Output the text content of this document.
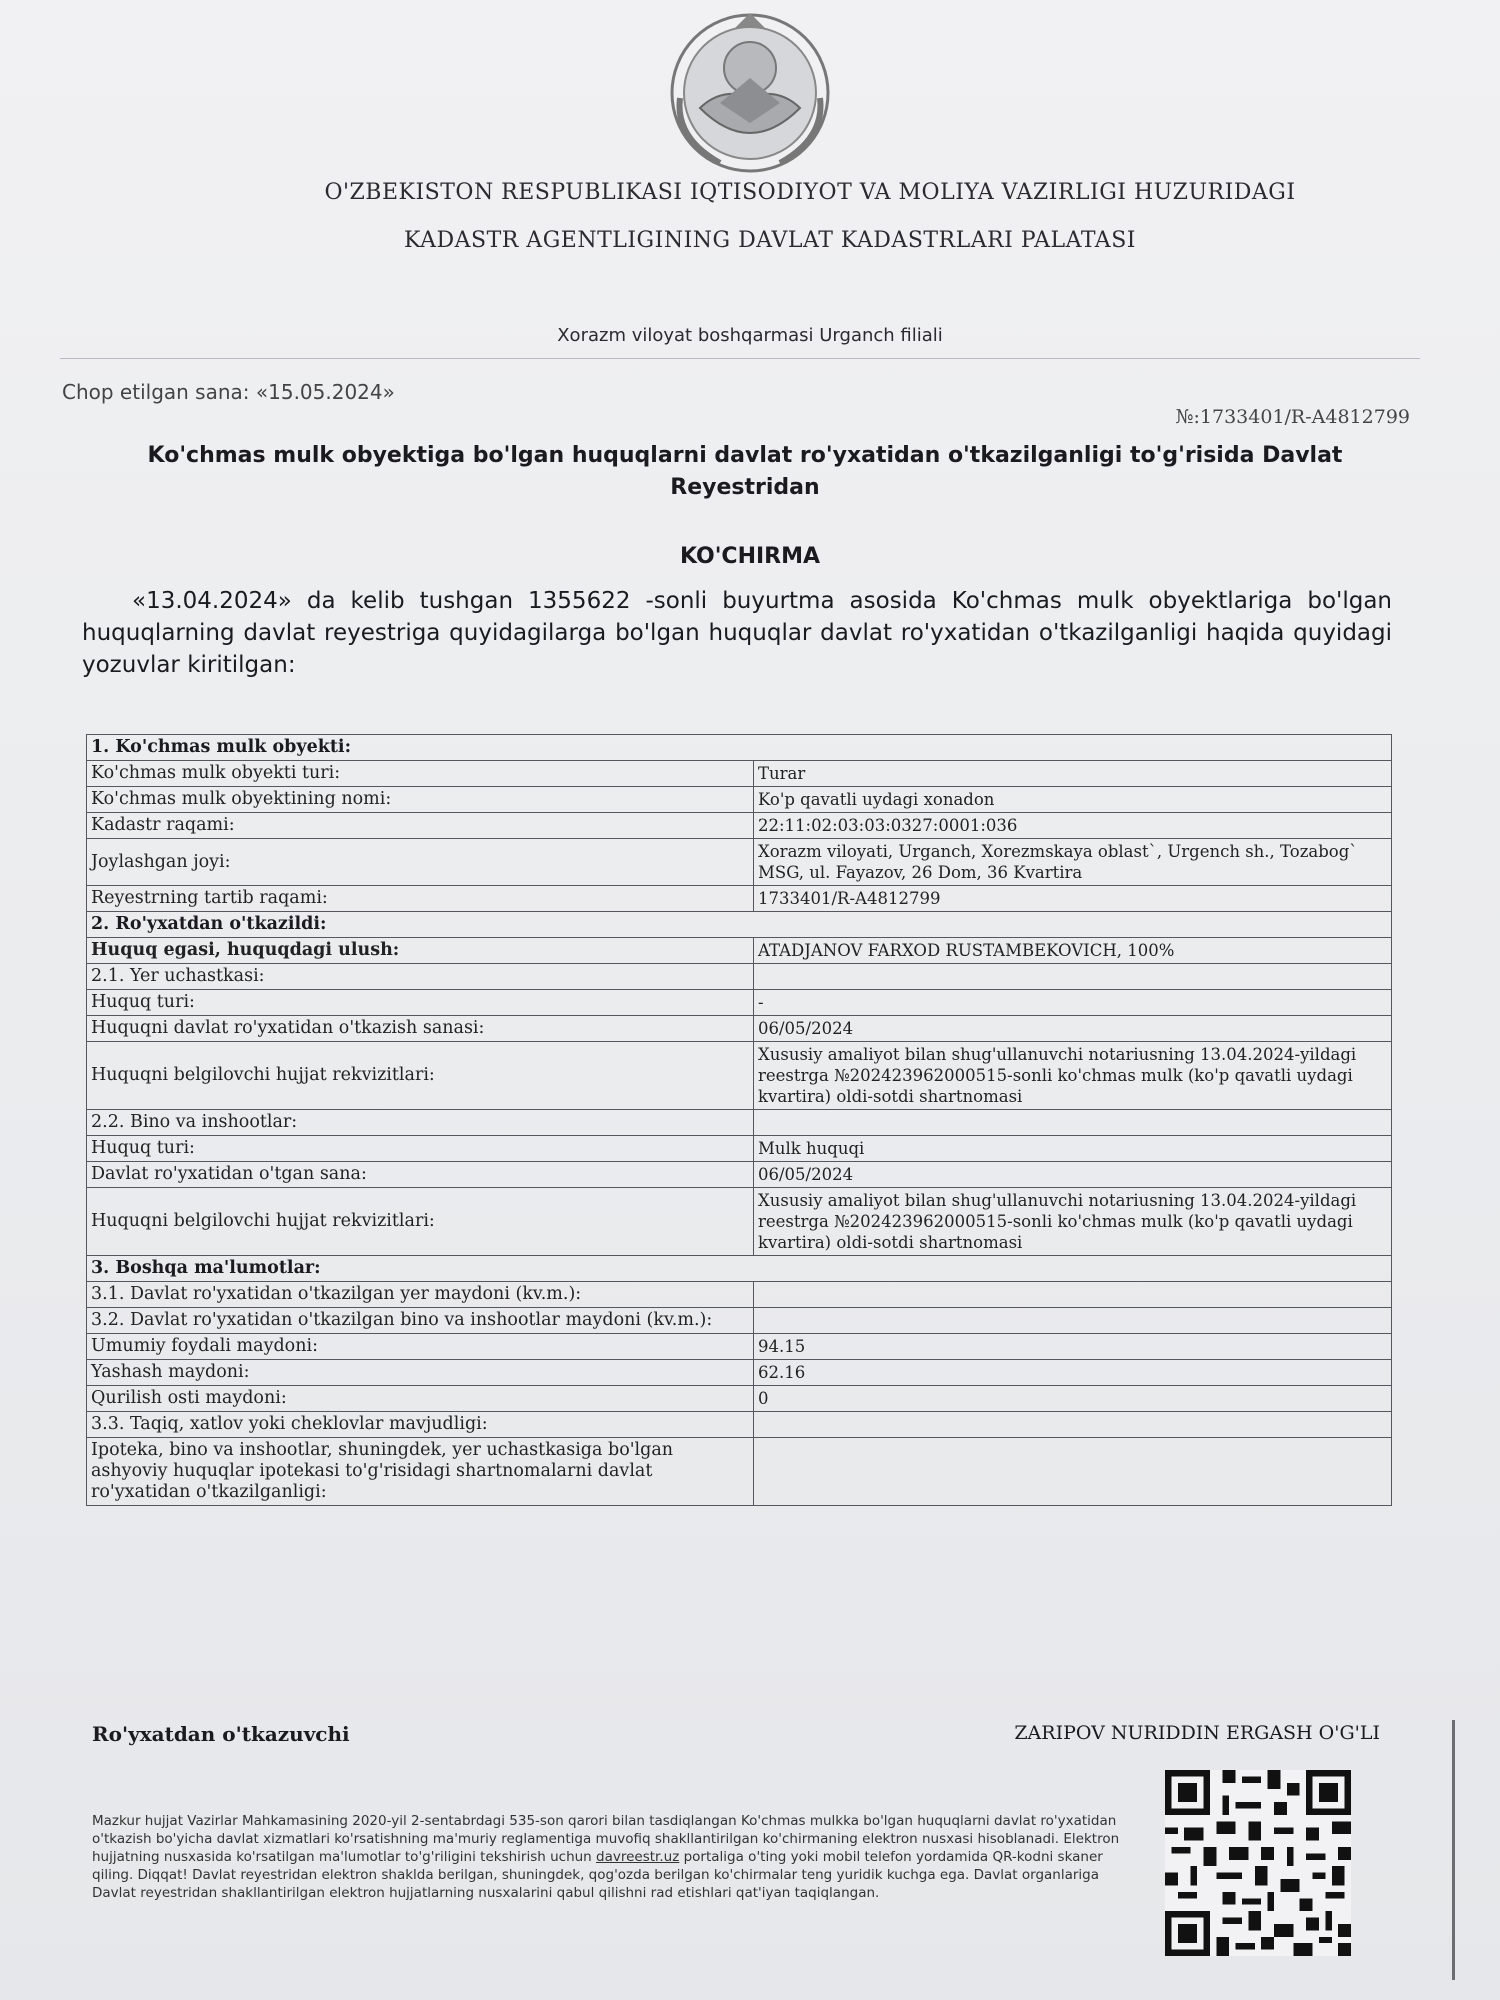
O'ZBEKISTON RESPUBLIKASI IQTISODIYOT VA MOLIYA VAZIRLIGI HUZURIDAGI
KADASTR AGENTLIGINING DAVLAT KADASTRLARI PALATASI
Xorazm viloyat boshqarmasi Urganch filiali
Chop etilgan sana: «15.05.2024»
№:1733401/R-A4812799
Ko'chmas mulk obyektiga bo'lgan huquqlarni davlat ro'yxatidan o'tkazilganligi to'g'risida Davlat
Reyestridan
KO'CHIRMA
«13.04.2024» da kelib tushgan 1355622 -sonli buyurtma asosida Ko'chmas mulk obyektlariga bo'lgan huquqlarning davlat reyestriga quyidagilarga bo'lgan huquqlar davlat ro'yxatidan o'tkazilganligi haqida quyidagi yozuvlar kiritilgan:
1. Ko'chmas mulk obyekti:	
Ko'chmas mulk obyekti turi:	Turar
Ko'chmas mulk obyektining nomi:	Ko'p qavatli uydagi xonadon
Kadastr raqami:	22:11:02:03:03:0327:0001:036
Joylashgan joyi:	Xorazm viloyati, Urganch, Xorezmskaya oblast`, Urgench sh., Tozabog` MSG, ul. Fayazov, 26 Dom, 36 Kvartira
Reyestrning tartib raqami:	1733401/R-A4812799
2. Ro'yxatdan o'tkazildi:	
Huquq egasi, huquqdagi ulush:	ATADJANOV FARXOD RUSTAMBEKOVICH, 100%
2.1. Yer uchastkasi:	
Huquq turi:	-
Huquqni davlat ro'yxatidan o'tkazish sanasi:	06/05/2024
Huquqni belgilovchi hujjat rekvizitlari:	Xususiy amaliyot bilan shug'ullanuvchi notariusning 13.04.2024-yildagi reestrga №202423962000515-sonli ko'chmas mulk (ko'p qavatli uydagi kvartira) oldi-sotdi shartnomasi
2.2. Bino va inshootlar:	
Huquq turi:	Mulk huquqi
Davlat ro'yxatidan o'tgan sana:	06/05/2024
Huquqni belgilovchi hujjat rekvizitlari:	Xususiy amaliyot bilan shug'ullanuvchi notariusning 13.04.2024-yildagi reestrga №202423962000515-sonli ko'chmas mulk (ko'p qavatli uydagi kvartira) oldi-sotdi shartnomasi
3. Boshqa ma'lumotlar:	
3.1. Davlat ro'yxatidan o'tkazilgan yer maydoni (kv.m.):	
3.2. Davlat ro'yxatidan o'tkazilgan bino va inshootlar maydoni (kv.m.):	
Umumiy foydali maydoni:	94.15
Yashash maydoni:	62.16
Qurilish osti maydoni:	0
3.3. Taqiq, xatlov yoki cheklovlar mavjudligi:	
Ipoteka, bino va inshootlar, shuningdek, yer uchastkasiga bo'lgan ashyoviy huquqlar ipotekasi to'g'risidagi shartnomalarni davlat ro'yxatidan o'tkazilganligi:	
Ro'yxatdan o'tkazuvchi	ZARIPOV NURIDDIN ERGASH O'G'LI
Mazkur hujjat Vazirlar Mahkamasining 2020-yil 2-sentabrdagi 535-son qarori bilan tasdiqlangan Ko'chmas mulkka bo'lgan huquqlarni davlat ro'yxatidan o'tkazish bo'yicha davlat xizmatlari ko'rsatishning ma'muriy reglamentiga muvofiq shakllantirilgan ko'chirmaning elektron nusxasi hisoblanadi. Elektron hujjatning nusxasida ko'rsatilgan ma'lumotlar to'g'riligini tekshirish uchun davreestr.uz portaliga o'ting yoki mobil telefon yordamida QR-kodni skaner qiling. Diqqat! Davlat reyestridan elektron shaklda berilgan, shuningdek, qog'ozda berilgan ko'chirmalar teng yuridik kuchga ega. Davlat organlariga Davlat reyestridan shakllantirilgan elektron hujjatlarning nusxalarini qabul qilishni rad etishlari qat'iyan taqiqlangan.
